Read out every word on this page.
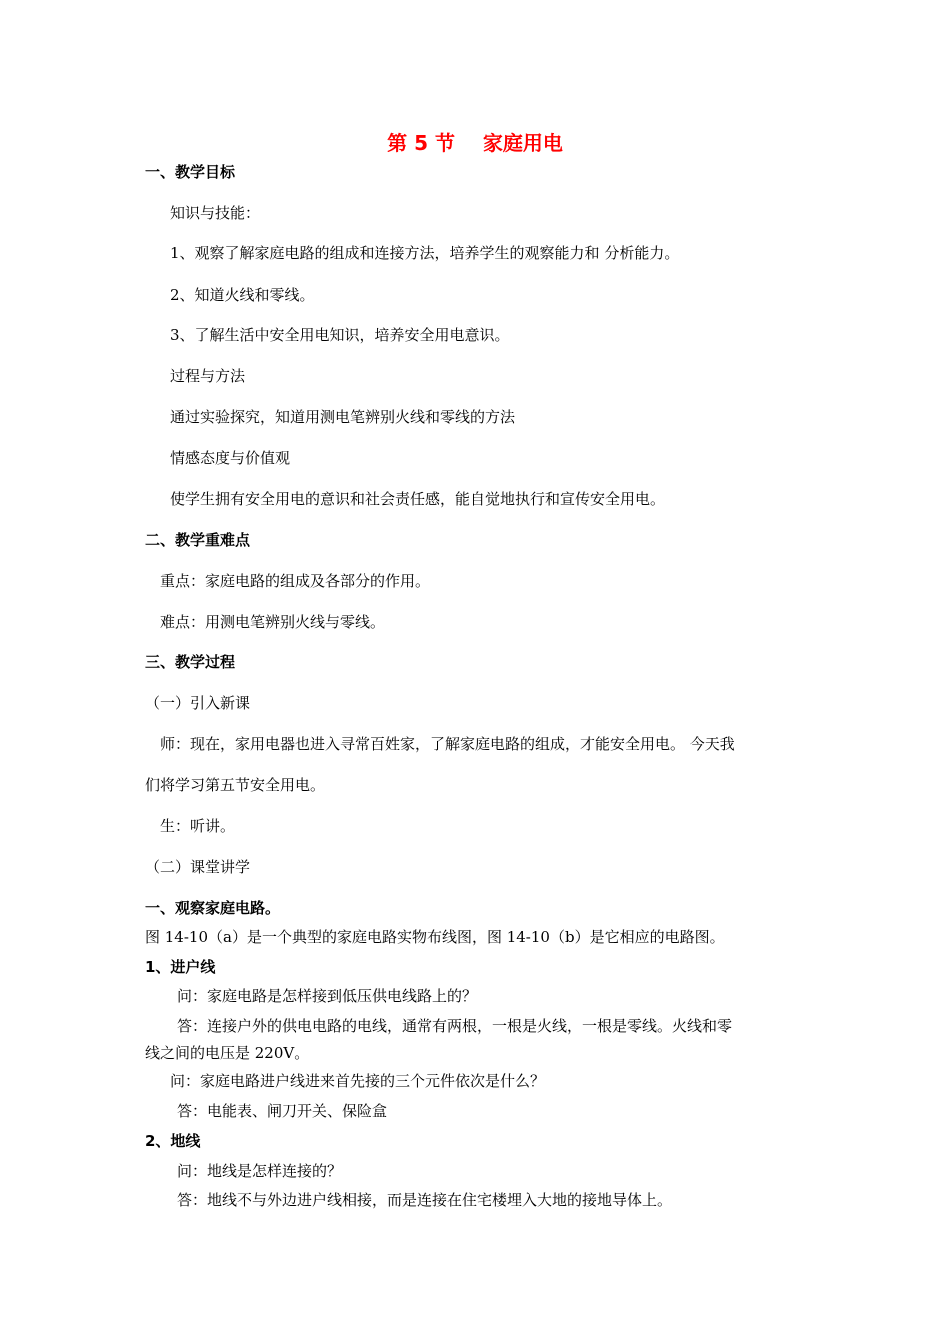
第 5 节    家庭用电
一、教学目标
知识与技能：
1、观察了解家庭电路的组成和连接方法，培养学生的观察能力和 分析能力。
2、知道火线和零线。
3、了解生活中安全用电知识，培养安全用电意识。
过程与方法
通过实验探究，知道用测电笔辨别火线和零线的方法
情感态度与价值观
使学生拥有安全用电的意识和社会责任感，能自觉地执行和宣传安全用电。
二、教学重难点
重点：家庭电路的组成及各部分的作用。
难点：用测电笔辨别火线与零线。
三、教学过程
（一）引入新课
师：现在，家用电器也进入寻常百姓家，了解家庭电路的组成，才能安全用电。 今天我
们将学习第五节安全用电。
生：听讲。
（二）课堂讲学
一、观察家庭电路。
图 14-10（a）是一个典型的家庭电路实物布线图，图 14-10（b）是它相应的电路图。
1、进户线
问：家庭电路是怎样接到低压供电线路上的？
答：连接户外的供电电路的电线，通常有两根，一根是火线，一根是零线。火线和零
线之间的电压是 220V。
问：家庭电路进户线进来首先接的三个元件依次是什么？
答：电能表、闸刀开关、保险盒
2、地线
问：地线是怎样连接的？
答：地线不与外边进户线相接，而是连接在住宅楼埋入大地的接地导体上。
